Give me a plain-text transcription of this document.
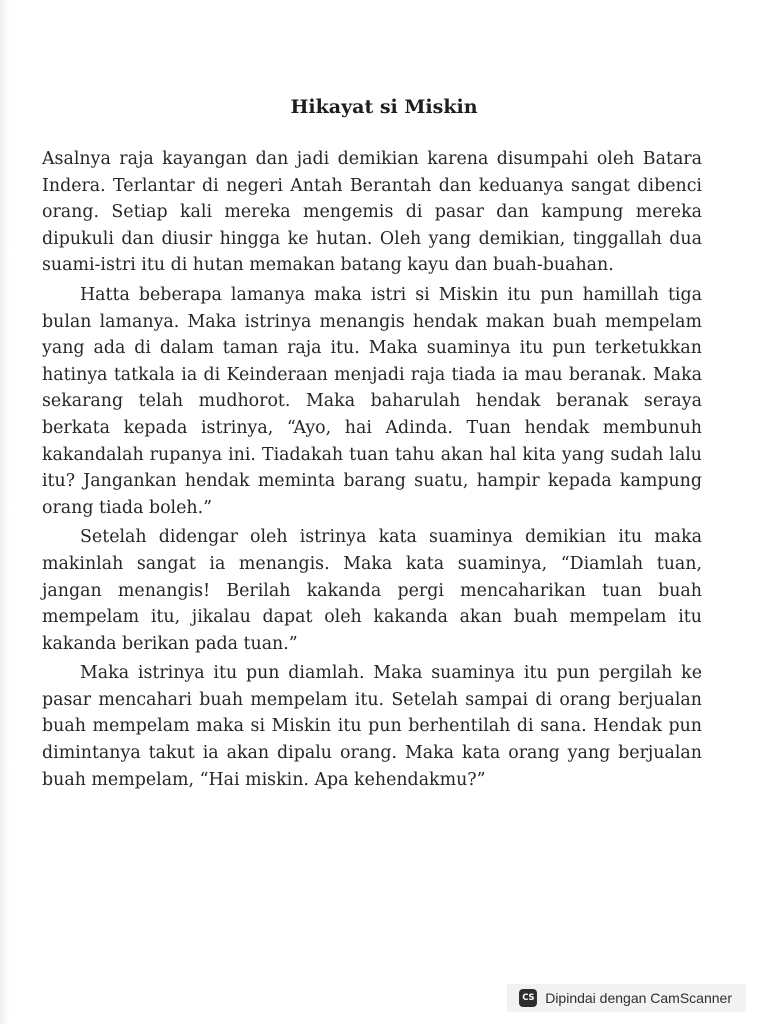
Hikayat si Miskin

Asalnya raja kayangan dan jadi demikian karena disumpahi oleh Batara Indera. Terlantar di negeri Antah Berantah dan keduanya sangat dibenci orang. Setiap kali mereka mengemis di pasar dan kampung mereka dipukuli dan diusir hingga ke hutan. Oleh yang demikian, tinggallah dua suami-istri itu di hutan memakan batang kayu dan buah-buahan.

Hatta beberapa lamanya maka istri si Miskin itu pun hamillah tiga bulan lamanya. Maka istrinya menangis hendak makan buah mempelam yang ada di dalam taman raja itu. Maka suaminya itu pun terketukkan hatinya tatkala ia di Keinderaan menjadi raja tiada ia mau beranak. Maka sekarang telah mudhorot. Maka baharulah hendak beranak seraya berkata kepada istrinya, “Ayo, hai Adinda. Tuan hendak membunuh kakandalah rupanya ini. Tiadakah tuan tahu akan hal kita yang sudah lalu itu? Jangankan hendak meminta barang suatu, hampir kepada kampung orang tiada boleh.”

Setelah didengar oleh istrinya kata suaminya demikian itu maka makinlah sangat ia menangis. Maka kata suaminya, “Diamlah tuan, jangan menangis! Berilah kakanda pergi mencaharikan tuan buah mempelam itu, jikalau dapat oleh kakanda akan buah mempelam itu kakanda berikan pada tuan.”

Maka istrinya itu pun diamlah. Maka suaminya itu pun pergilah ke pasar mencahari buah mempelam itu. Setelah sampai di orang berjualan buah mempelam maka si Miskin itu pun berhentilah di sana. Hendak pun dimintanya takut ia akan dipalu orang. Maka kata orang yang berjualan buah mempelam, “Hai miskin. Apa kehendakmu?”

CS Dipindai dengan CamScanner
